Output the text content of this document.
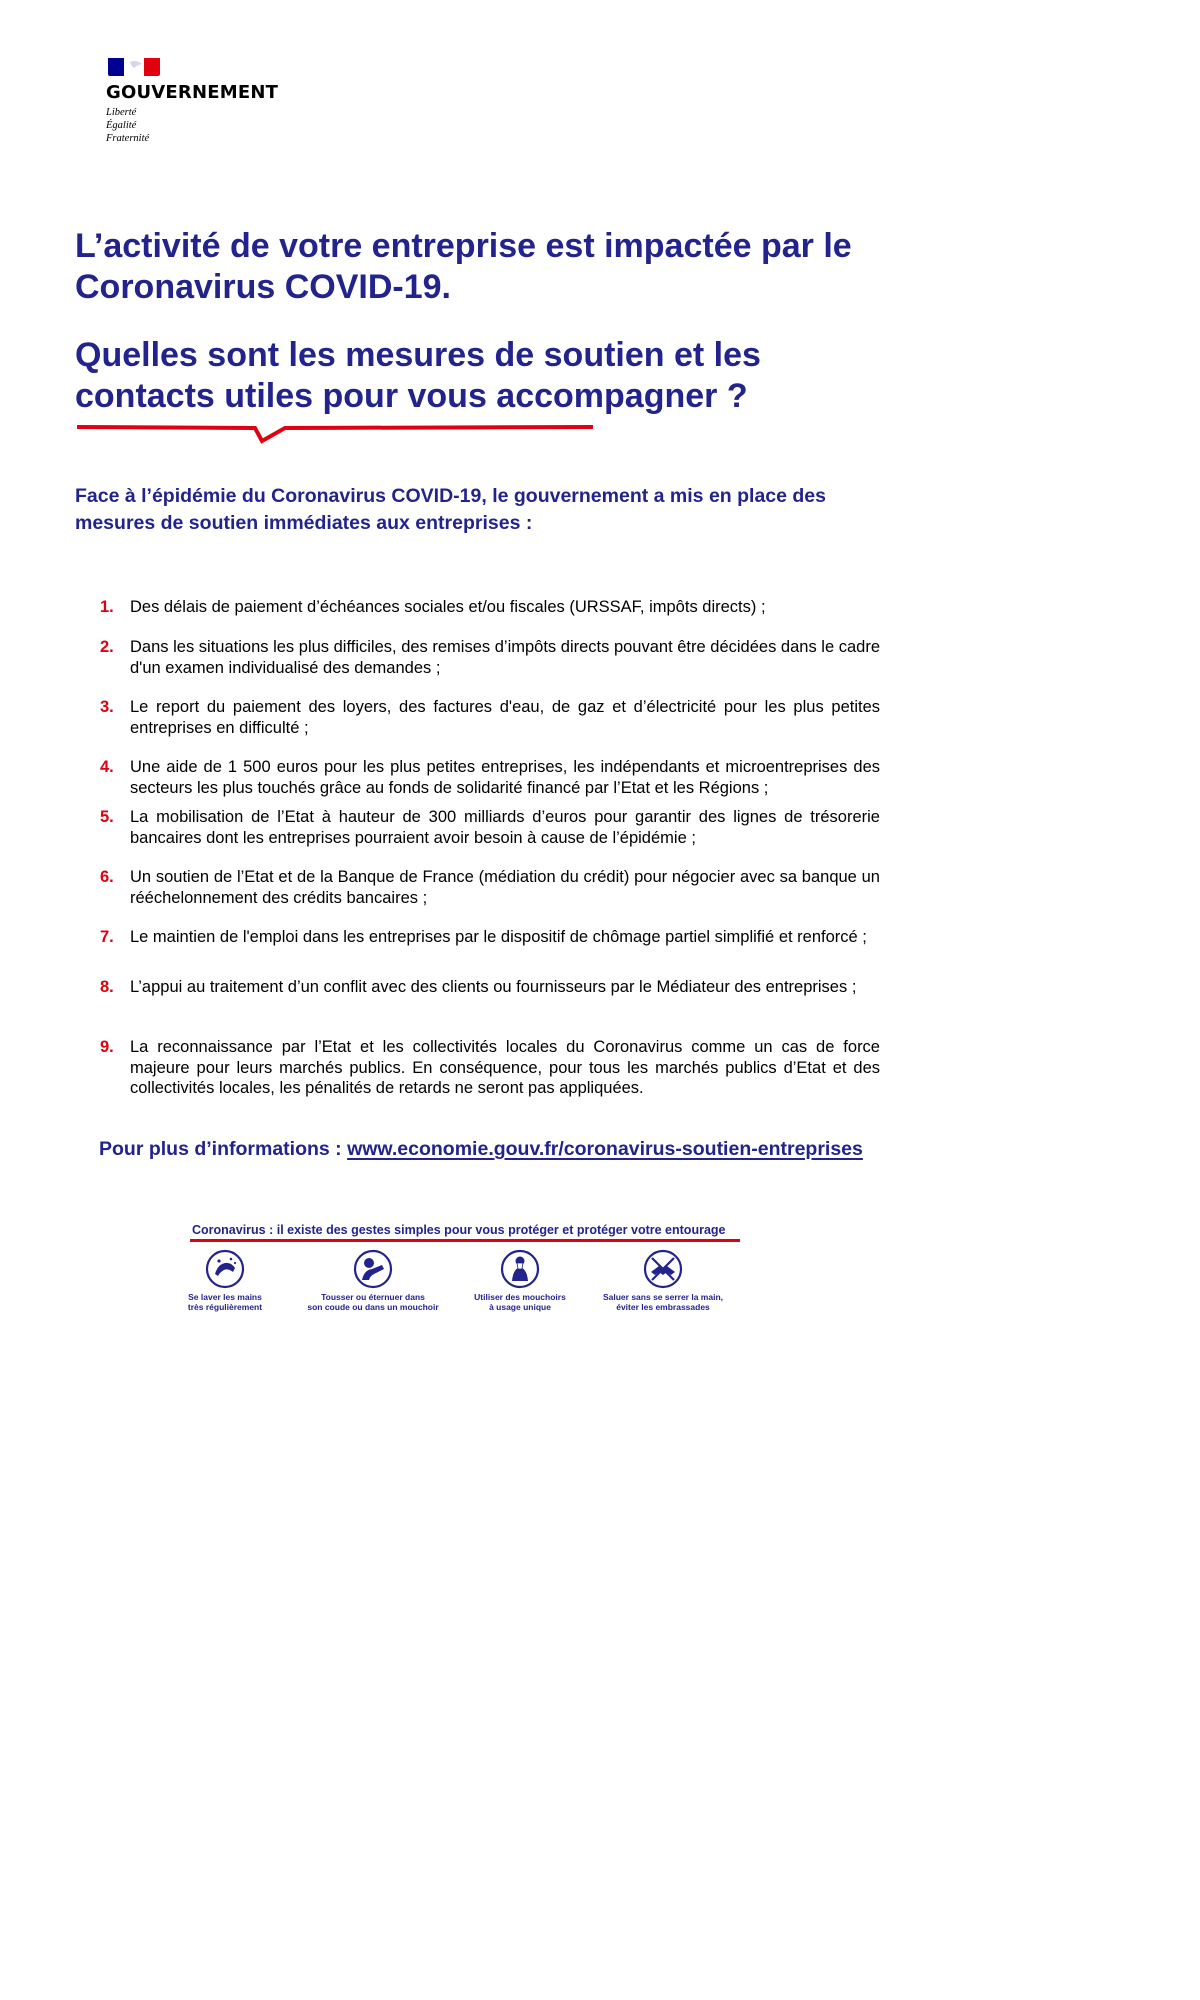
GOUVERNEMENT
Liberté
Égalité
Fraternité
L’activité de votre entreprise est impactée par le Coronavirus COVID-19.
Quelles sont les mesures de soutien et les contacts utiles pour vous accompagner ?

Face à l’épidémie du Coronavirus COVID-19, le gouvernement a mis en place des mesures de soutien immédiates aux entreprises :

1. Des délais de paiement d’échéances sociales et/ou fiscales (URSSAF, impôts directs) ;
2. Dans les situations les plus difficiles, des remises d’impôts directs pouvant être décidées dans le cadre d'un examen individualisé des demandes ;
3. Le report du paiement des loyers, des factures d'eau, de gaz et d’électricité pour les plus petites entreprises en difficulté ;
4. Une aide de 1 500 euros pour les plus petites entreprises, les indépendants et microentreprises des secteurs les plus touchés grâce au fonds de solidarité financé par l’Etat et les Régions ;
5. La mobilisation de l’Etat à hauteur de 300 milliards d’euros pour garantir des lignes de trésorerie bancaires dont les entreprises pourraient avoir besoin à cause de l’épidémie ;
6. Un soutien de l’Etat et de la Banque de France (médiation du crédit) pour négocier avec sa banque un rééchelonnement des crédits bancaires ;
7. Le maintien de l'emploi dans les entreprises par le dispositif de chômage partiel simplifié et renforcé ;
8. L’appui au traitement d’un conflit avec des clients ou fournisseurs par le Médiateur des entreprises ;
9. La reconnaissance par l’Etat et les collectivités locales du Coronavirus comme un cas de force majeure pour leurs marchés publics. En conséquence, pour tous les marchés publics d’Etat et des collectivités locales, les pénalités de retards ne seront pas appliquées.
Pour plus d’informations : www.economie.gouv.fr/coronavirus-soutien-entreprises
Coronavirus : il existe des gestes simples pour vous protéger et protéger votre entourage
Se laver les mains
très régulièrement
Tousser ou éternuer dans
son coude ou dans un mouchoir
Utiliser des mouchoirs
à usage unique
Saluer sans se serrer la main,
éviter les embrassades
